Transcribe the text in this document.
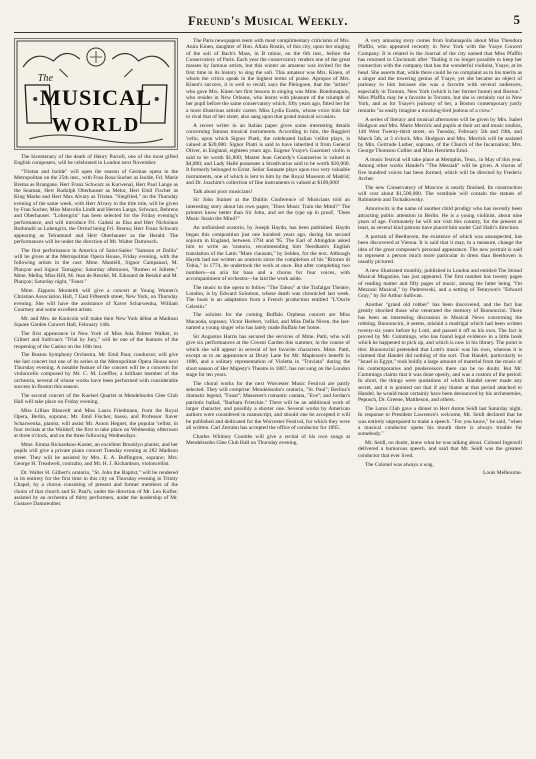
Freund's Musical Weekly.	5
MUSICAL
WORLD
The

The bicentenary of the death of Henry Purcell, one of the most gifted English composers, will be celebrated in London next November.

"Tristan and Isolde" will open the season of German opera in the Metropolitan on the 25th inst., with Frau Rosa Sucher as Isolde, Frl. Marie Brema as Brangane, Herr Franz Schwarz as Kurwenal, Herr Paul Lange as the Seaman, Herr Rudolph Oberhauser as Melot, Herr Emil Fischer as King Marke and Herr Max Alvary as Tristan. "Siegfried," on the Thursday evening of the same week, with Herr Alvary in the title role, will be given by Frau Sucher, Miss Marcella Lindh and Herren Lange, Schwarz, Behrens and Oberhauser. "Lohengrin" has been selected for the Friday evening's performance, and will introduce Frl. Gadski as Elsa and Herr Nicholaus Rothmuhl as Lohengrin, the Ortrud being Frl. Brema; Herr Franz Schwarz appearing as Telramund and Herr Oberhauser as the Herald. The performances will be under the direction of Mr. Walter Damrosch.

The first performance in America of Saint-Saëns' "Samson et Dalila" will be given at the Metropolitan Opera House, Friday evening, with the following artists in the cast: Mme. Mantelli, Signor Campanari, M. Plançon and Signor Tamagno; Saturday afternoon, "Romeo et Juliette," Mme. Melba, Miss Hill, M. Jean de Reszké, M. Edouard de Reszké and M. Plançon; Saturday night, "Faust."

Mme. Zippora Monteith will give a concert at Young Women's Christian Association Hall, 7 East Fifteenth street, New York, on Thursday evening. She will have the assistance of Xaver Scharwenka, William Courtney and some excellent artists.

Mr. and Mrs. de Koniczin will make their New York début at Madison Square Garden Concert Hall, February 14th.

The first appearance in New York of Miss Ada Palmer Walker, in Gilbert and Sullivan's "Trial by Jury," will be one of the features of the reopening of the Casino on the 18th inst.

The Boston Symphony Orchestra, Mr. Emil Paur, conductor, will give the last concert but one of its series at the Metropolitan Opera House next Thursday evening. A notable feature of the concert will be a concerto for violoncello composed by Mr. C. M. Loeffler, a brilliant member of the orchestra, several of whose works have been performed with considerable success in Boston this season.

The second concert of the Koelsel Quartet at Mendelssohn Glee Club Hall will take place on Friday evening.

Miss Lillian Blauvelt and Miss Laura Friedmann, from the Royal Opera, Berlin, soprano; Mr. Emil Fischer, basso, and Professor Xaver Scharwenka, pianist, will assist Mr. Anton Hegner, the popular 'cellist, in four recitals at the Waldorf; the first to take place on Wednesday afternoon at three o'clock, and on the three following Wednesdays.

Mme. Emma Richardson-Kuster, an excellent Brooklyn pianist, and her pupils will give a private piano concert Tuesday evening at 282 Madison street. They will be assisted by Mrs. E. A. Buffington, soprano; Mrs. George H. Treadwell, contralto, and Mr. H. J. Richardson, violoncellist.

Dr. Walter H. Gilbert's oratorio, "St. John the Baptist," will be rendered in its entirety for the first time in this city on Thursday evening in Trinity Chapel, by a chorus consisting of present and former members of the choirs of that church and St. Paul's, under the direction of Mr. Leo Kofler, assisted by an orchestra of thirty performers, under the leadership of Mr. Gustave Dannreuther.

The Paris newspapers teem with most complimentary criticisms of Mrs. Anita Kinen, daughter of Hon. Allain Rostin, of this city, upon her singing of the soli of Bach's Mass, in B minor, on the 6th inst., before the Conservatory of Paris. Each year the conservatory renders one of the great masses by famous artists, but this winter an amateur was invited for the first time in its history to sing the soli. This amateur was Mrs. Kinen, of whom the critics speak in the highest terms of praise. Apropos of Mrs. Kinen's success, it is well to recall, says the Pleiogone, that the "artists" who gave Mrs. Kinen her first lessons in singing was Mme. Bondonapulo, who resides in New Orleans, who learns with pleasure of the triumph of her pupil before the same conservatory which, fifty years ago, fitted her for a most illustrious artistic career. Miss Lydia Eustis, whose voice bids fair to rival that of her sister, also sang upon that grand musical occasion.

A recent writer in an Italian paper gives some interesting details concerning famous musical instruments. According to him, the Ruggieri 'cello, upon which Signor Piatti, the celebrated Italian 'cellist plays, is valued at $20,000. Signor Piatti is said to have inherited it from General Oliver, in England, eighteen years ago. Eugene Ysaye's Guarnieri violin is said to be worth $1,800; Master Jean Gerardy's Guarnerius is valued at $4,000; and Lady Hallé possesses a Stradivarius said to be worth $10,000. It formerly belonged to Ernst. Señor Sarasate plays upon two very valuable instruments, one of which is lent to him by the Royal Museum of Madrid; and Dr. Joachim's collection of fine instruments is valued at $100,000!

Talk about poor musicians!

Sir John Stainer at the Dublin Conference of Musicians told an interesting story about his own paper, "Does Music Train the Mind?" The printers knew better than Sir John, and set the type up in proof, "Does Music Strain the Mind?"

An unfinished oratorio, by Joseph Haydn, has been published. Haydn began this composition just one hundred years ago, during his second sojourn in England, between 1794 and '95. The Earl of Abingdon asked him to write an 'oratorio, recommending him Needham's English translation of the Latin "Mare clausum," by Selden, for the text. Although Haydn had not written an oratorio since the completion of his "Ritorno di Tobia," in 1774, he undertook the work at once. But after completing two numbers—an aria for bass and a chorus for four voices, with accompaniment of orchestra—he laid the work aside.

The music to the opera to follow "The Taboo" at the Trafalgar Theatre, London, is by Edward Solomon, whose death was chronicled last week. The book is an adaptation from a French production entitled "L'Oncle Celestin."

The soloists for the coming Buffalo Orpheus concert are Miss Macaoda, soprano; Victor Herbert, 'cellist, and Miss Della Niven, the last-named a young singer who has lately made Buffalo her home.

Sir Augustus Harris has secured the services of Mme. Patti, who will give six performances at the Covent Garden this summer, in the course of which she will appear in several of her favorite characters. Mme. Patti, except as to an appearance at Drury Lane for Mr. Mapleson's benefit in 1886, and a solitary representation of Violetta in "Traviata" during the short season of Her Majesty's Theatre in 1887, has not sung on the London stage for ten years.

The choral works for the next Worcester Music Festival are partly selected. They will comprise: Mendelssohn's oratorio, "St. Paul"; Berlioz's dramatic legend, "Faust"; Massenet's romantic cantata, "Eve"; and Jordan's patriotic ballad, "Barbara Frietchie." There will be an additional work of larger character, and possibly a shorter one. Several works by American authors were considered in manuscript, and should one be accepted it will be published and dedicated for the Worcester Festival, for which they were all written. Carl Zerrahn has accepted the office of conductor for 1895.

Charles Whitney Coombs will give a recital of his own songs at Mendelssohn Glee Club Hall on Thursday evening.

A very amusing story comes from Indianapolis about Miss Theodora Pfaffin, who appeared recently in New York with the Ysaye Concert Company. It is related in the Journal of the city named that Miss Pfaffin has returned to Cincinnati after "finding it no longer possible to keep her connection with the company that has the wonderful violinist, Ysaye, at its head. She asserts that, while there could be no complaint as to his merits as a singer and the towering genius of Ysaye, yet she became an object of jealousy to him because she was a favorite with several audiences, especially in Toronto, New York (which is her former home) and Boston." Miss Pfaffin may be a favorite in Toronto, but she is certainly not in New York, and as for Ysaye's jealousy of her, a Boston contemporary justly remarks "as easily imagine a mocking-bird jealous of a crow."

A series of literary and musical afternoons will be given by Mrs. Isabel Hodgson and Mrs. Marie Merrick and pupils at their art and music studios, 146 West Twenty-third street, on Tuesday, February 5th and 19th, and March 5th, at 3 o'clock. Mrs. Hodgson and Mrs. Merrick will be assisted by Mrs. Gertrude Luther, soprano, of the Church of the Incarnation; Mrs. George Thomson Collier and Miss Henrietta Ernd.

A music festival will take place at Memphis, Tenn., in May of this year. Among other works Handel's "The Messiah" will be given. A chorus of five hundred voices has been formed, which will be directed by Frederic Archer.

The new Conservatory of Moscow is nearly finished. Its construction will cost about $1,500,000. The vestibule will contain the statues of Rubinstein and Tschaikowsky.

Amorowitz is the name of another child prodigy who has recently been attracting public attention in Berlin. He is a young violinist, about nine years of age. Fortunately he will not visit this country, for the present at least, as several kind patrons have placed him under Carl Halir's direction.

A portrait of Beethoven, the existence of which was unsuspected, has been discovered at Vienna. It is said that it may, in a measure, change the idea of the great composer's personal appearance. The new portrait is said to represent a person much more particular in dress than Beethoven is usually pictured.

A new illustrated monthly, published in London and entitled The Strand Musical Magazine, has just appeared. The first number has twenty pages of reading matter and fifty pages of music, among the latter being "I'm Mezzani Musical," by Paderewski, and a setting of Tennyson's "Edward Gray," by Sir Arthur Sullivan.

Another "grand old robber" has been discovered, and the fact has greatly shocked those who venerated the memory of Buononcini. There has been an interesting discussion in Musical News concerning the robbing. Buononcini, it seems, mislaid a madrigal which had been written twenty-six years before by Lotti, and passed it off as his own. The fact is proved by Mr. Cummings, who has found legal evidence in a little book which he happened to pick up, and which is now in his library. The point is this: Buononcini pretended that Lotti's music was his own, whereas it is claimed that Handel did nothing of the sort. That Handel, particularly in "Israel in Egypt," took boldly a large amount of material from the music of his contemporaries and predecessors there can be no doubt. But Mr. Cummings claims that it was done openly, and was a custom of the period. In short, the things were quotations of which Handel never made any secret, and it is pointed out that if any blame at that period attached to Handel, he would most certainly have been denounced by his archenemies, Pepusch, Dr. Greene, Mattheson, and others.

The Lotos Club gave a dinner to Herr Anton Seidl last Saturday night. In response to President Lawrence's welcome, Mr. Seidl declared that he was entirely unprepared to make a speech. "For you know," he said, "when a musical conductor opens his mouth there is always trouble for somebody."

Mr. Seidl, no doubt, knew what he was talking about. Colonel Ingersoll delivered a humorous speech, and said that Mr. Seidl was the greatest conductor that ever lived.

The Colonel was always a wag.

Louis Melbourne.
